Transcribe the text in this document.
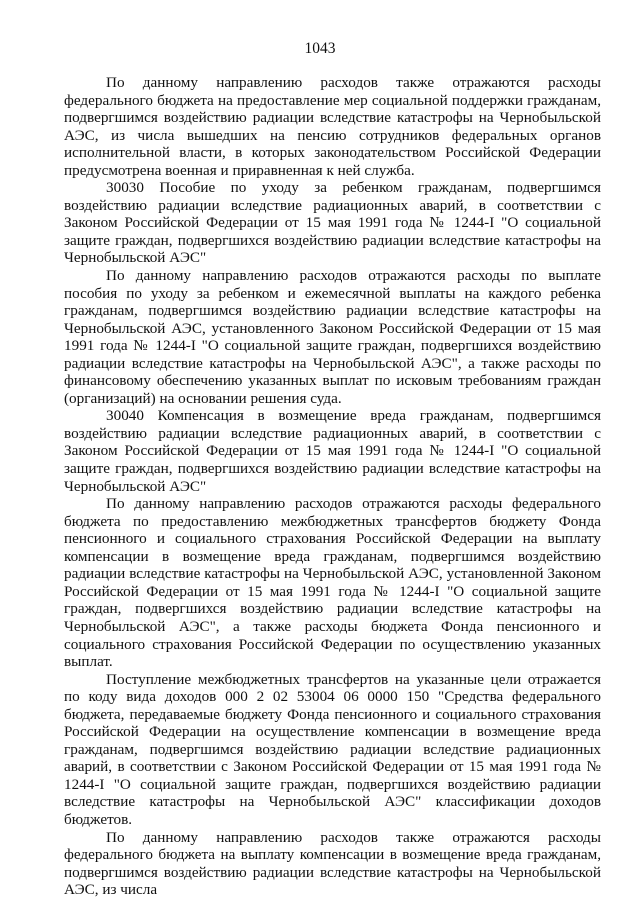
1043

По данному направлению расходов также отражаются расходы федерального бюджета на предоставление мер социальной поддержки гражданам, подвергшимся воздействию радиации вследствие катастрофы на Чернобыльской АЭС, из числа вышедших на пенсию сотрудников федеральных органов исполнительной власти, в которых законодательством Российской Федерации предусмотрена военная и приравненная к ней служба.

30030 Пособие по уходу за ребенком гражданам, подвергшимся воздействию радиации вследствие радиационных аварий, в соответствии с Законом Российской Федерации от 15 мая 1991 года № 1244-I "О социальной защите граждан, подвергшихся воздействию радиации вследствие катастрофы на Чернобыльской АЭС"

По данному направлению расходов отражаются расходы по выплате пособия по уходу за ребенком и ежемесячной выплаты на каждого ребенка гражданам, подвергшимся воздействию радиации вследствие катастрофы на Чернобыльской АЭС, установленного Законом Российской Федерации от 15 мая 1991 года № 1244-I "О социальной защите граждан, подвергшихся воздействию радиации вследствие катастрофы на Чернобыльской АЭС", а также расходы по финансовому обеспечению указанных выплат по исковым требованиям граждан (организаций) на основании решения суда.

30040 Компенсация в возмещение вреда гражданам, подвергшимся воздействию радиации вследствие радиационных аварий, в соответствии с Законом Российской Федерации от 15 мая 1991 года № 1244-I "О социальной защите граждан, подвергшихся воздействию радиации вследствие катастрофы на Чернобыльской АЭС"

По данному направлению расходов отражаются расходы федерального бюджета по предоставлению межбюджетных трансфертов бюджету Фонда пенсионного и социального страхования Российской Федерации на выплату компенсации в возмещение вреда гражданам, подвергшимся воздействию радиации вследствие катастрофы на Чернобыльской АЭС, установленной Законом Российской Федерации от 15 мая 1991 года № 1244-I "О социальной защите граждан, подвергшихся воздействию радиации вследствие катастрофы на Чернобыльской АЭС", а также расходы бюджета Фонда пенсионного и социального страхования Российской Федерации по осуществлению указанных выплат.

Поступление межбюджетных трансфертов на указанные цели отражается по коду вида доходов 000 2 02 53004 06 0000 150 "Средства федерального бюджета, передаваемые бюджету Фонда пенсионного и социального страхования Российской Федерации на осуществление компенсации в возмещение вреда гражданам, подвергшимся воздействию радиации вследствие радиационных аварий, в соответствии с Законом Российской Федерации от 15 мая 1991 года № 1244-I "О социальной защите граждан, подвергшихся воздействию радиации вследствие катастрофы на Чернобыльской АЭС" классификации доходов бюджетов.

По данному направлению расходов также отражаются расходы федерального бюджета на выплату компенсации в возмещение вреда гражданам, подвергшимся воздействию радиации вследствие катастрофы на Чернобыльской АЭС, из числа
